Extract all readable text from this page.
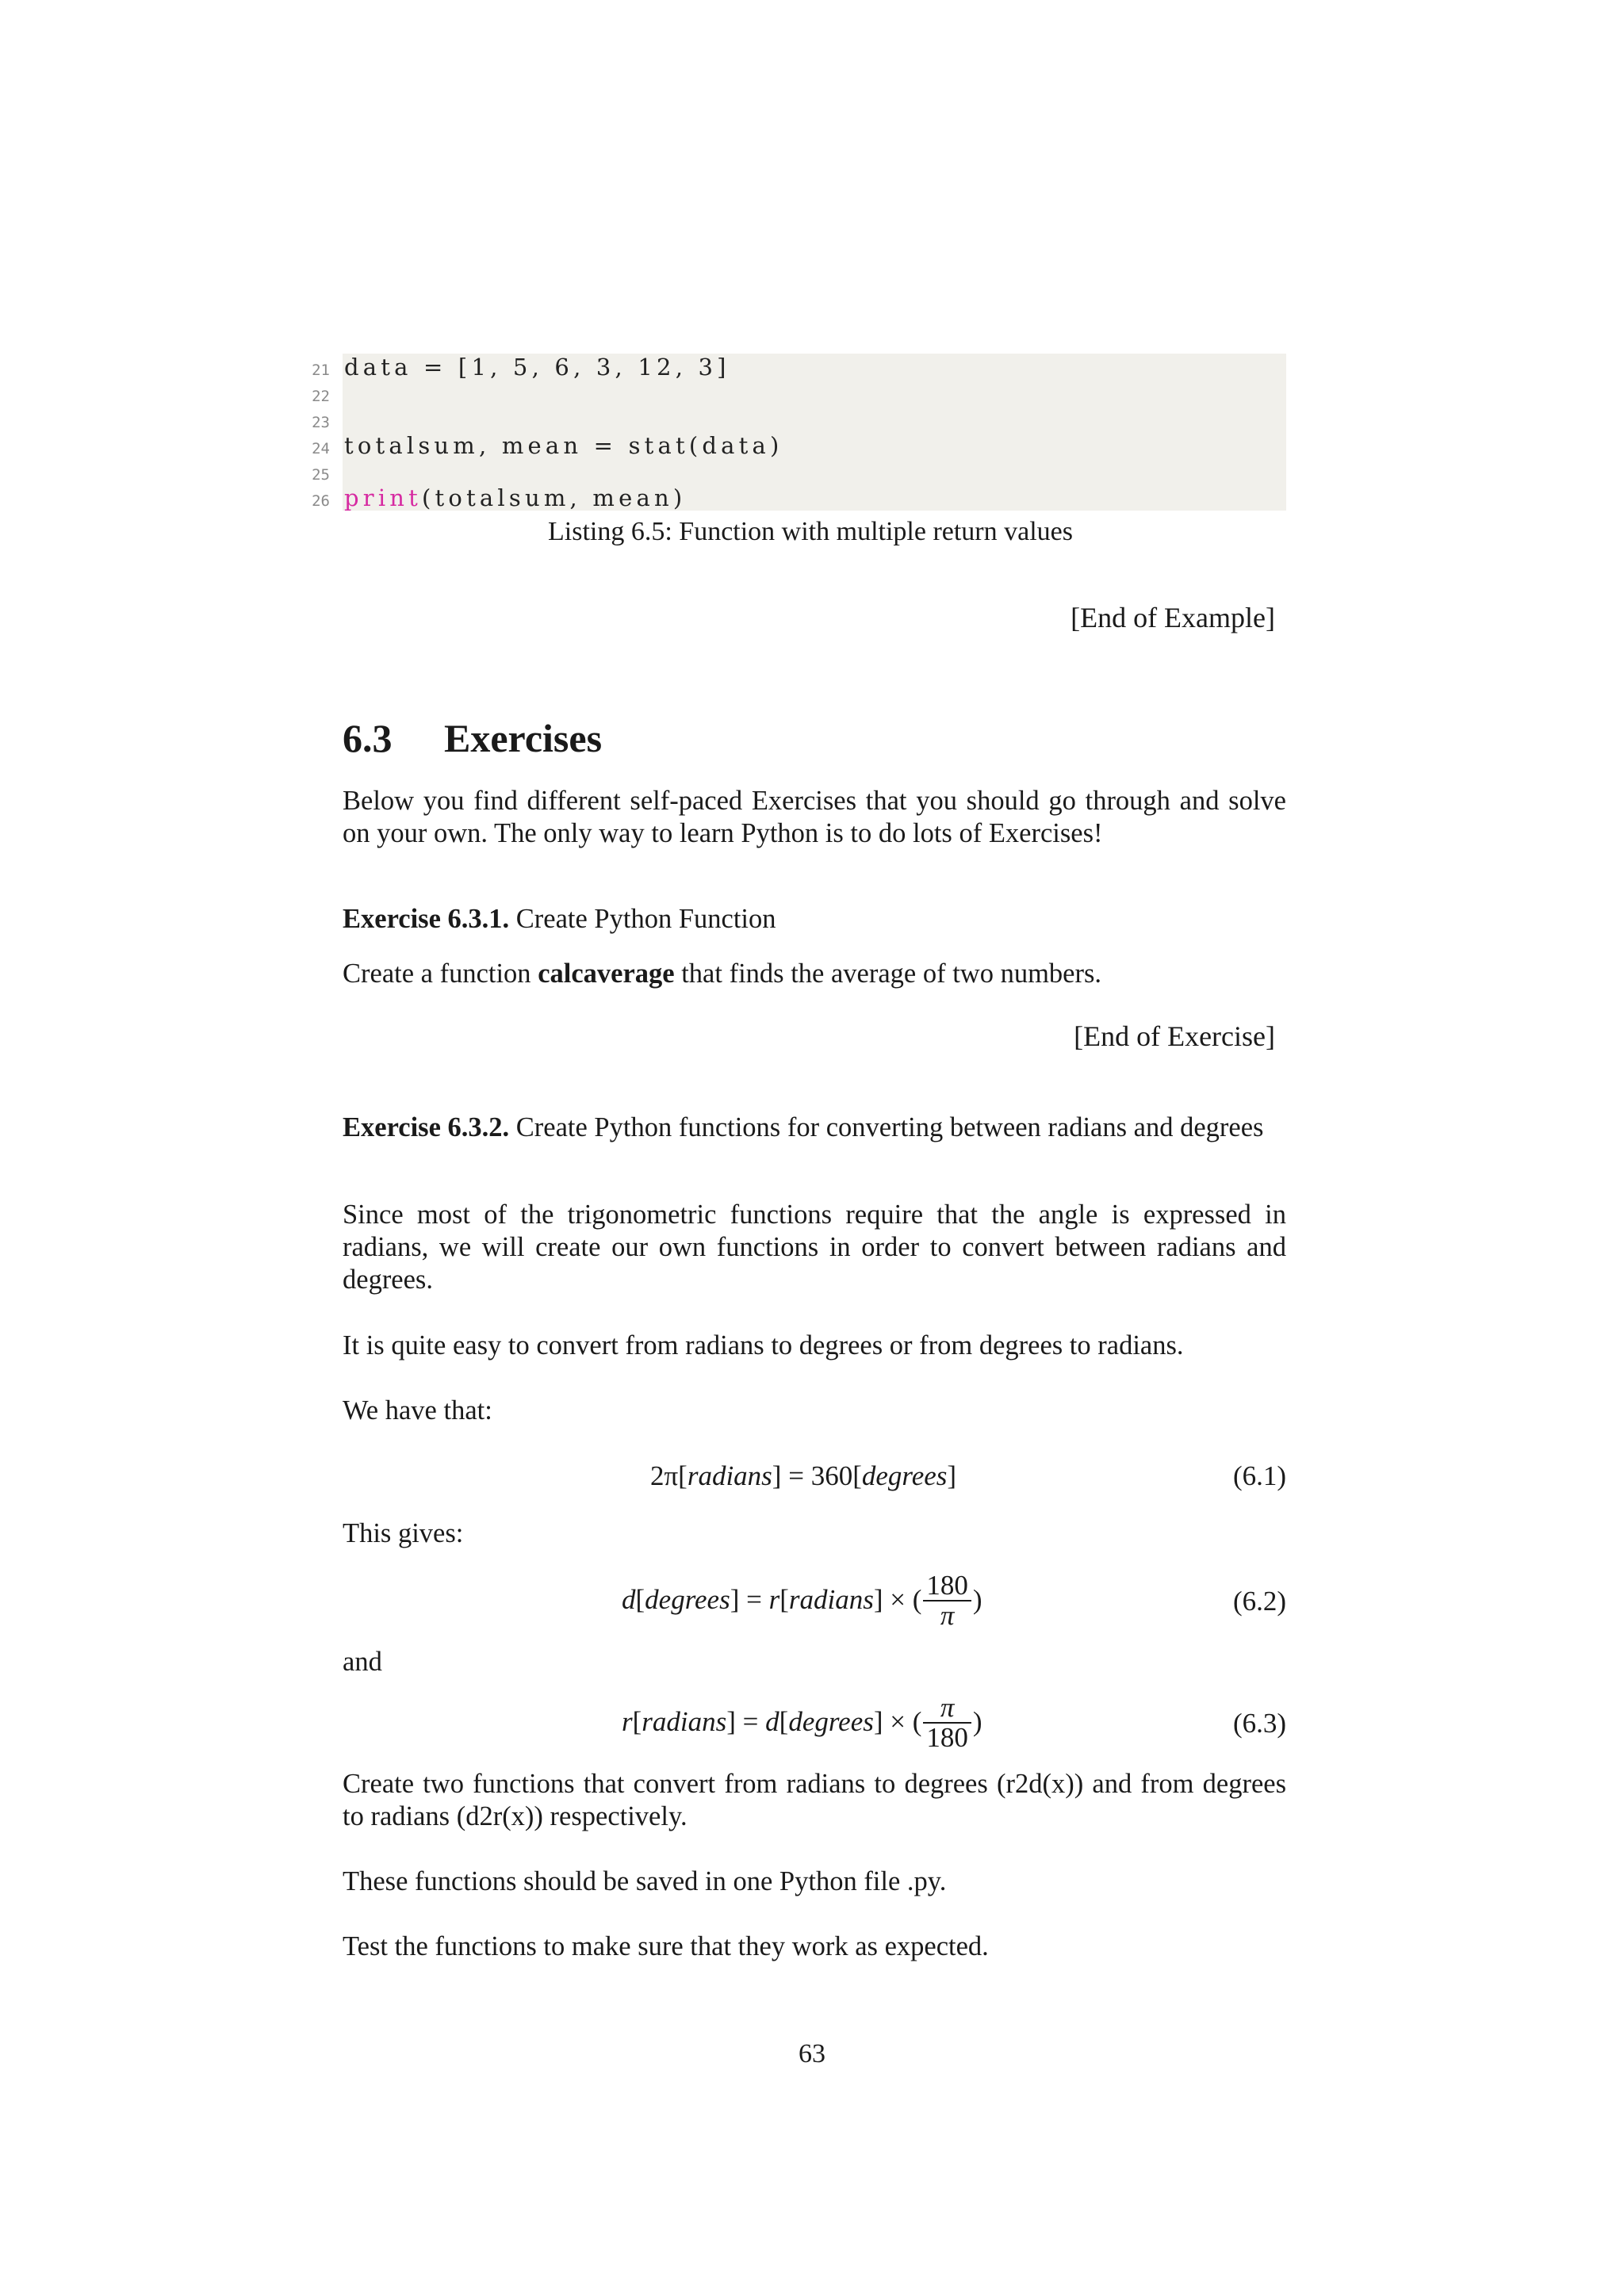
21 data = [1, 5, 6, 3, 12, 3]
22
23
24 totalsum, mean = stat(data)
25
26 print(totalsum, mean)
Listing 6.5: Function with multiple return values
[End of Example]
6.3 Exercises
Below you find different self-paced Exercises that you should go through and solve on your own. The only way to learn Python is to do lots of Exercises!
Exercise 6.3.1. Create Python Function
Create a function calcaverage that finds the average of two numbers.
[End of Exercise]
Exercise 6.3.2. Create Python functions for converting between radians and degrees
Since most of the trigonometric functions require that the angle is expressed in radians, we will create our own functions in order to convert between radians and degrees.
It is quite easy to convert from radians to degrees or from degrees to radians.
We have that:
2π[radians] = 360[degrees]	(6.1)
This gives:
d[degrees] = r[radians] × ( $\frac{180}{\pi}$ )	(6.2)
and
r[radians] = d[degrees] × ( $\frac{\pi}{180}$ )	(6.3)
Create two functions that convert from radians to degrees (r2d(x)) and from degrees to radians (d2r(x)) respectively.
These functions should be saved in one Python file .py.
Test the functions to make sure that they work as expected.
63
